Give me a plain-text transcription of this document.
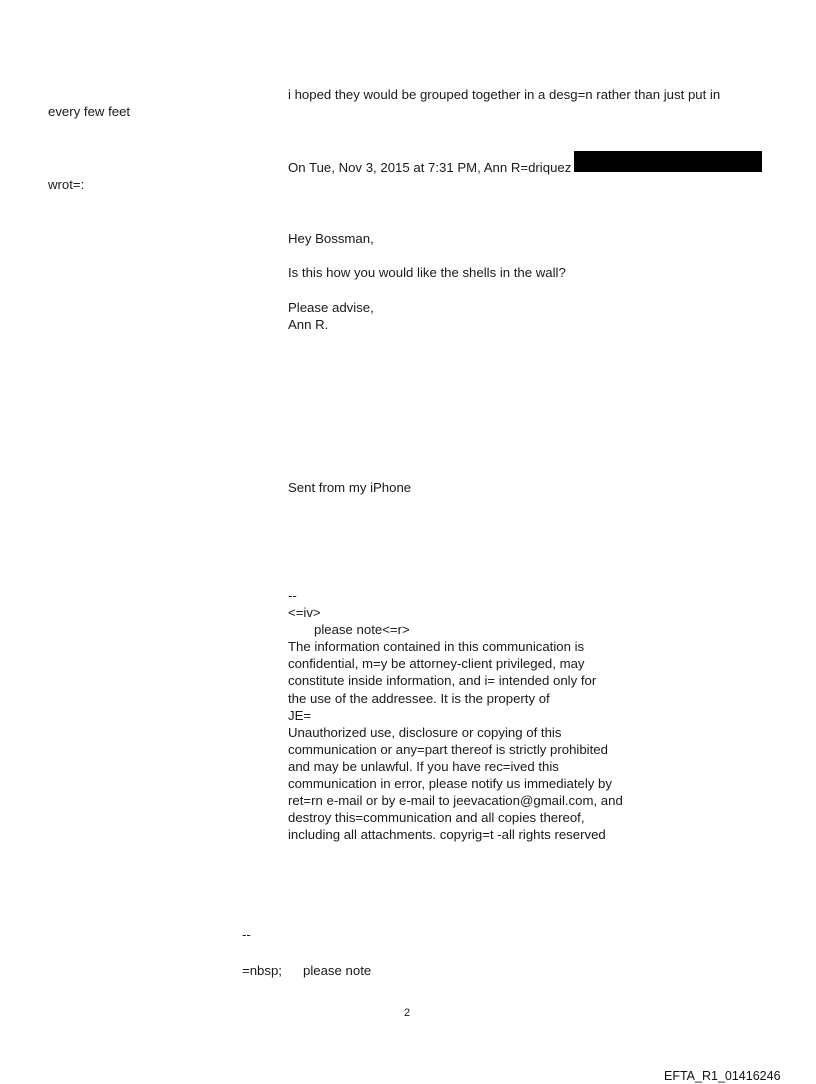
i hoped they would be grouped together in a desg=n rather than just put in

every few feet

On Tue, Nov 3, 2015 at 7:31 PM, Ann R=driquez

wrot=:

Hey Bossman,

Is this how you would like the shells in the wall?

Please advise,

Ann R.

Sent from my iPhone

--
<=iv>
please note<=r>
The information contained in this communication is
confidential, m=y be attorney-client privileged, may
constitute inside information, and i= intended only for
the use of the addressee. It is the property of
JE=
Unauthorized use, disclosure or copying of this
communication or any=part thereof is strictly prohibited
and may be unlawful. If you have rec=ived this
communication in error, please notify us immediately by
ret=rn e-mail or by e-mail to jeevacation@gmail.com, and
destroy this=communication and all copies thereof,
including all attachments. copyrig=t -all rights reserved

--

=nbsp; please note

2

EFTA_R1_01416246
